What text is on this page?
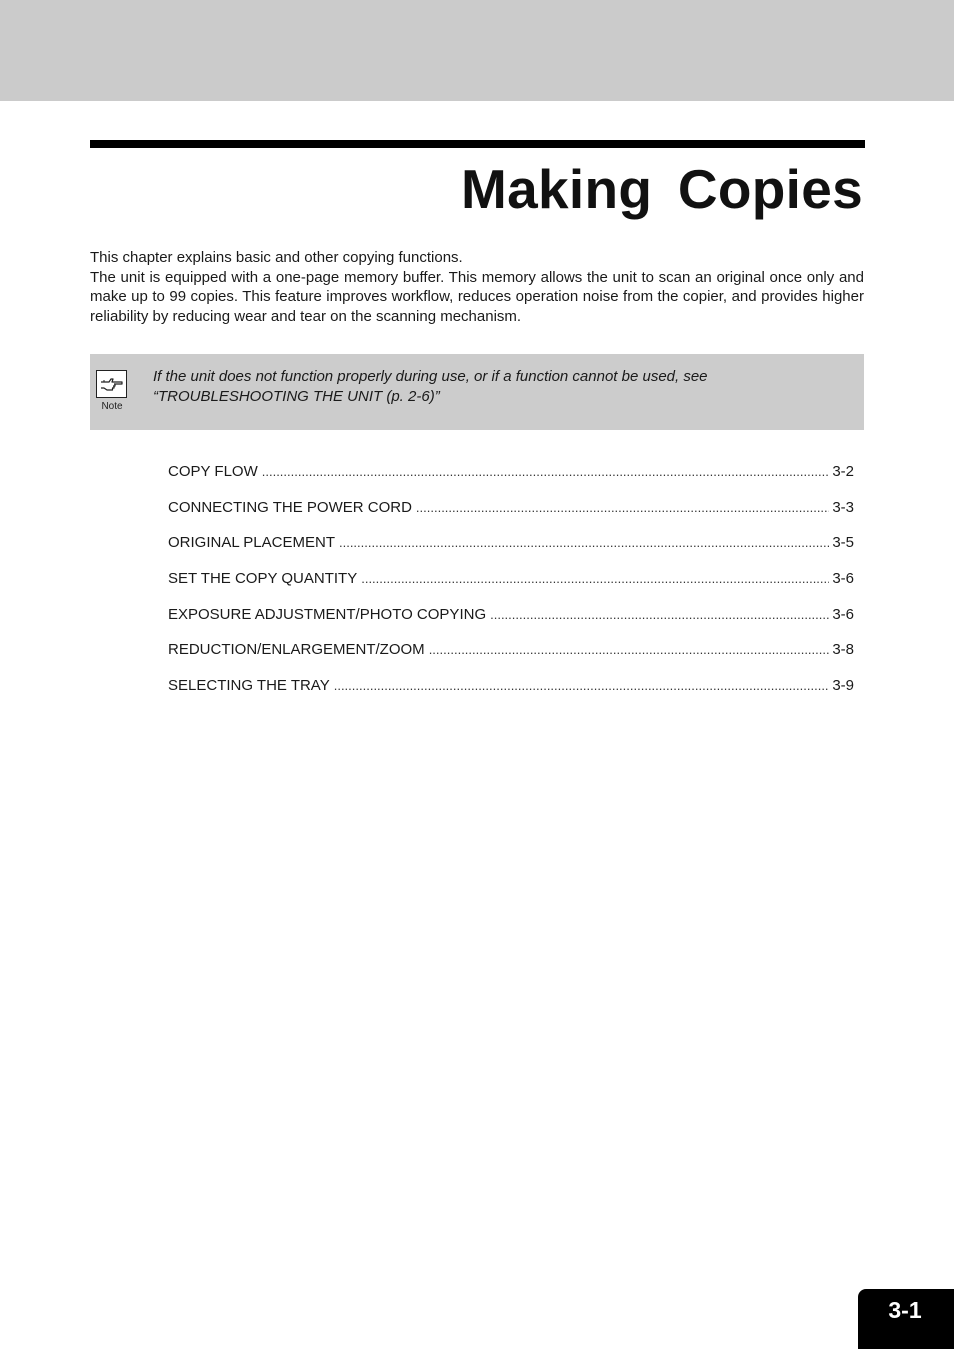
Making Copies

This chapter explains basic and other copying functions.

The unit is equipped with a one-page memory buffer. This memory allows the unit to scan an original once only and make up to 99 copies. This feature improves workflow, reduces operation noise from the copier, and provides higher reliability by reducing wear and tear on the scanning mechanism.

Note
If the unit does not function properly during use, or if a function cannot be used, see “TROUBLESHOOTING THE UNIT (p. 2-6)”
COPY FLOW .....	3-2
CONNECTING THE POWER CORD .....	3-3
ORIGINAL PLACEMENT .....	3-5
SET THE COPY QUANTITY .....	3-6
EXPOSURE ADJUSTMENT/PHOTO COPYING .....	3-6
REDUCTION/ENLARGEMENT/ZOOM .....	3-8
SELECTING THE TRAY .....	3-9
3-1
